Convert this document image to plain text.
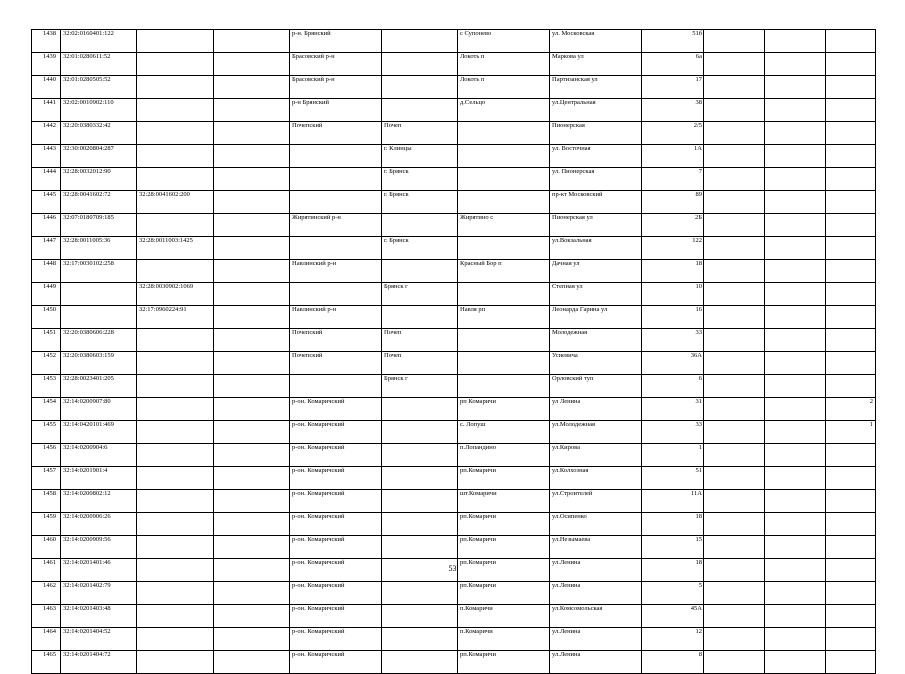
1438	32:02:0160401:122			р-н. Брянский		с Супонево	ул. Московская	51б			
1439	32:01:0280611:52			Брасовский р-н		Локоть п	Маркова ул	6а			
1440	32:01:0280505:52			Брасовский р-н		Локоть п	Партизанская ул	17			
1441	32:02:0010902:110			р-н Брянский		д.Сельцо	ул.Центральная	38			
1442	32:20:0380332:42			Почепский	Почеп		Пионерская	2/5			
1443	32:30:0020804:287				г. Клинцы		ул. Восточная	1А			
1444	32:28:0032012:90				г. Брянск		ул. Пионерская	7			
1445	32:28:0041602:72	32:28:0041602:200			г. Брянск		пр-кт Московский	89			
1446	32:07:0180709:185			Жирятинский р-н		Жирятино с	Пионерская ул	2Б			
1447	32:28:0011005:36	32:28:0011003:1425			г. Брянск		ул.Вокзальная	122			
1448	32:17:0030102:258			Навлинский р-н		Красный Бор п	Дачная ул	18			
1449		32:28:0030902:1069			Брянск г		Степная ул	10			
1450		32:17:0960224:91		Навлинский р-н		Навля рп	Леонарда Гарина ул	16			
1451	32:20:0380606:228			Почепский	Почеп		Молодежная	33			
1452	32:20:0380603:159			Почепский	Почеп		Усиевича	36А			
1453	32:28:0023401:205				Брянск г		Орловский туп	6			
1454	32:14:0200907:80			р-он. Комаричский		рп Комаричи	ул Ленина	31			2
1455	32:14:0420101:469			р-он. Комаричский		с. Лопуш	ул.Молодежная	33			1
1456	32:14:0200904:6			р-он. Комаричский		п.Лопандино	ул.Кирова	1			
1457	32:14:0201901:4			р-он. Комаричский		рп.Комаричи	ул.Колхозная	51			
1458	32:14:0200802:12			р-он. Комаричский		шт.Комаричи	ул.Строителей	11А			
1459	32:14:0200906:26			р-он. Комаричский		рп.Комаричи	ул.Осипенко	18			
1460	32:14:0200909:56			р-он. Комаричский		рп.Комаричи	ул.Незымаева	15			
1461	32:14:0201401:46			р-он. Комаричский		рп.Комаричи	ул.Ленина	18			
1462	32:14:0201402:79			р-он. Комаричский		рп.Комаричи	ул.Ленина	5			
1463	32:14:0201403:48			р-он. Комаричский		п.Комаричи	ул.Комсомольская	45А			
1464	32:14:0201404:52			р-он. Комаричский		п.Комаричи	ул.Ленина	12			
1465	32:14:0201404:72			р-он. Комаричский		рп.Комаричи	ул.Ленина	8			
53
